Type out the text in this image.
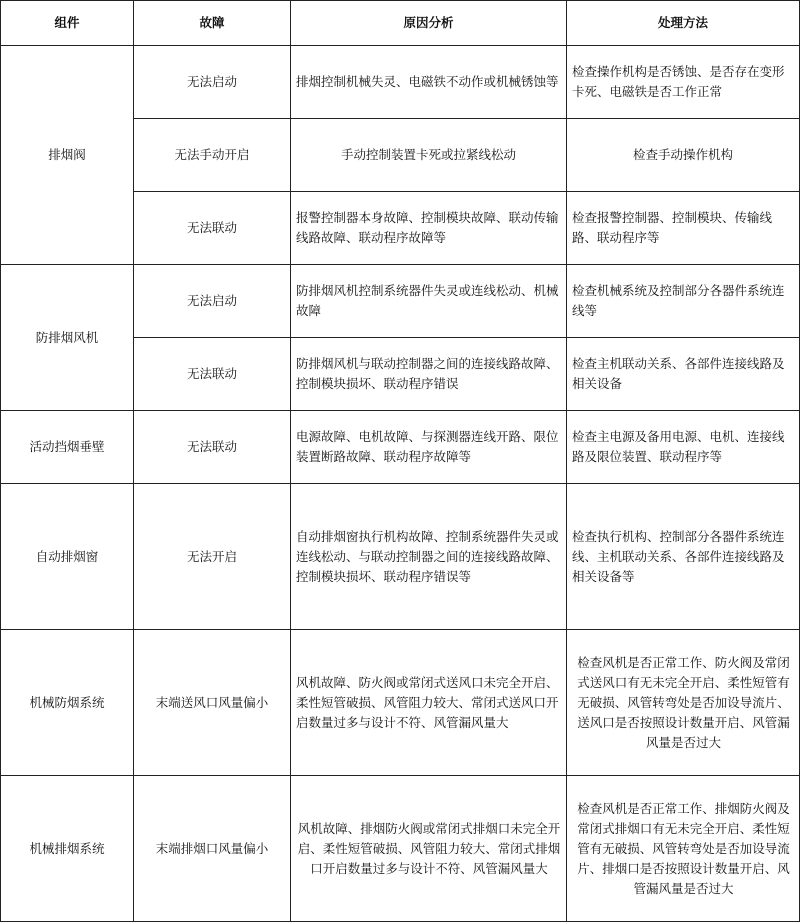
组件	故障	原因分析	处理方法
排烟阀	无法启动	排烟控制机械失灵、电磁铁不动作或机械锈蚀等	检查操作机构是否锈蚀、是否存在变形卡死、电磁铁是否工作正常
	无法手动开启	手动控制装置卡死或拉紧线松动	检查手动操作机构
	无法联动	报警控制器本身故障、控制模块故障、联动传输线路故障、联动程序故障等	检查报警控制器、控制模块、传输线路、联动程序等
防排烟风机	无法启动	防排烟风机控制系统器件失灵或连线松动、机械故障	检查机械系统及控制部分各器件系统连线等
	无法联动	防排烟风机与联动控制器之间的连接线路故障、控制模块损坏、联动程序错误	检查主机联动关系、各部件连接线路及相关设备
活动挡烟垂壁	无法联动	电源故障、电机故障、与探测器连线开路、限位装置断路故障、联动程序故障等	检查主电源及备用电源、电机、连接线路及限位装置、联动程序等
自动排烟窗	无法开启	自动排烟窗执行机构故障、控制系统器件失灵或连线松动、与联动控制器之间的连接线路故障、控制模块损坏、联动程序错误等	检查执行机构、控制部分各器件系统连线、主机联动关系、各部件连接线路及相关设备等
机械防烟系统	末端送风口风量偏小	风机故障、防火阀或常闭式送风口未完全开启、柔性短管破损、风管阻力较大、常闭式送风口开启数量过多与设计不符、风管漏风量大	检查风机是否正常工作、防火阀及常闭式送风口有无未完全开启、柔性短管有无破损、风管转弯处是否加设导流片、送风口是否按照设计数量开启、风管漏风量是否过大
机械排烟系统	末端排烟口风量偏小	风机故障、排烟防火阀或常闭式排烟口未完全开启、柔性短管破损、风管阻力较大、常闭式排烟口开启数量过多与设计不符、风管漏风量大	检查风机是否正常工作、排烟防火阀及常闭式排烟口有无未完全开启、柔性短管有无破损、风管转弯处是否加设导流片、排烟口是否按照设计数量开启、风管漏风量是否过大
